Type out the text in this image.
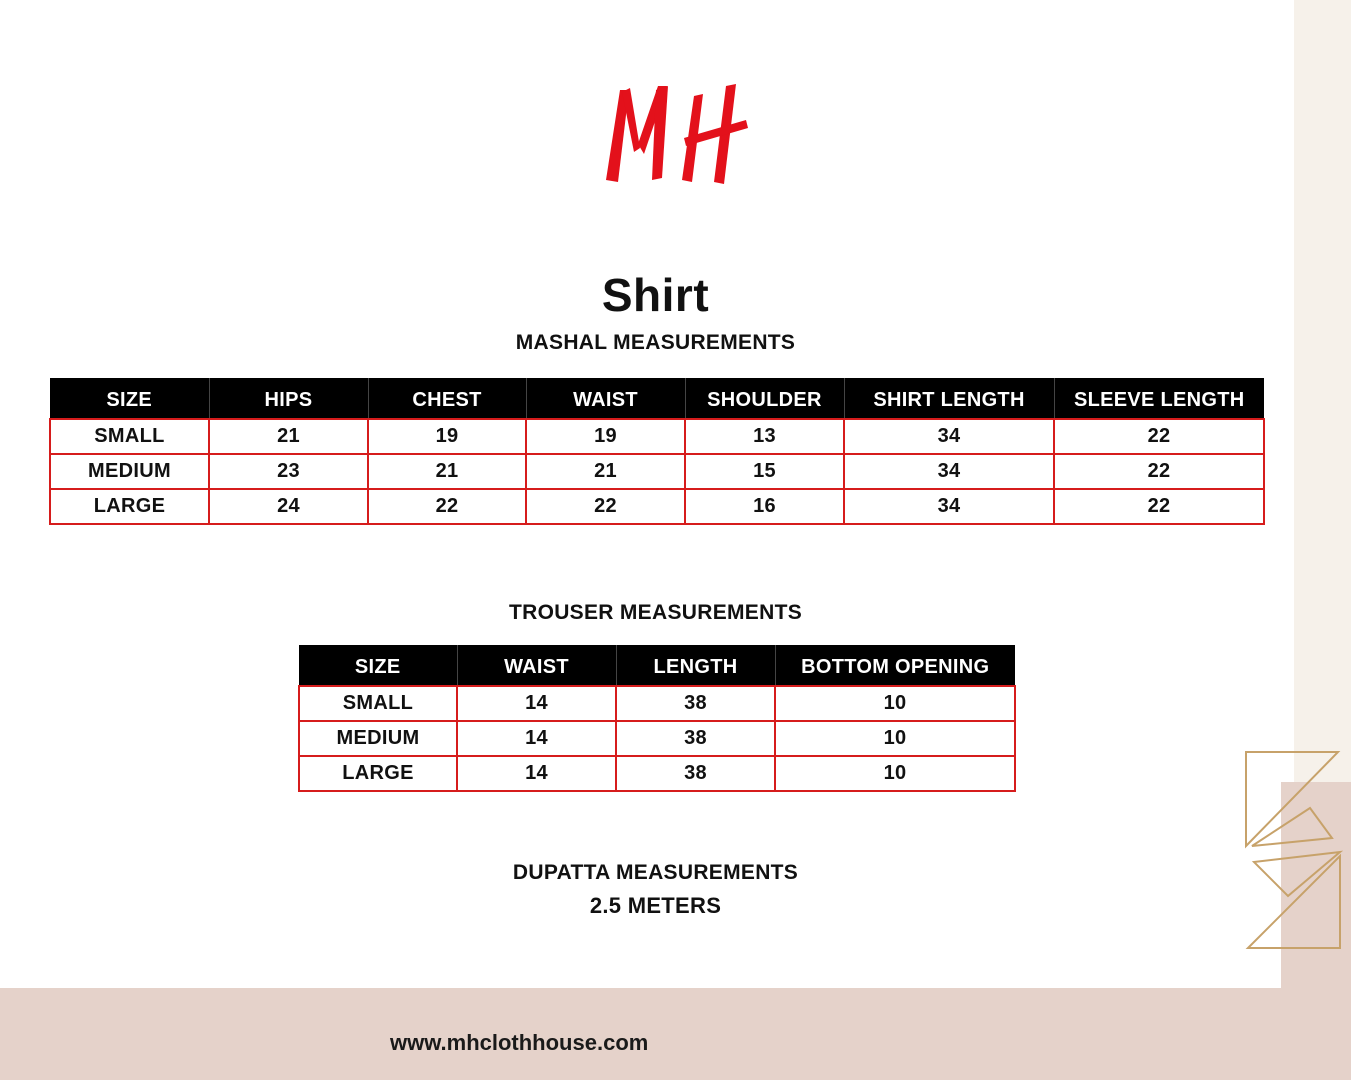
Shirt
MASHAL MEASUREMENTS
SIZE	HIPS	CHEST	WAIST	SHOULDER	SHIRT LENGTH	SLEEVE LENGTH
SMALL	21	19	19	13	34	22
MEDIUM	23	21	21	15	34	22
LARGE	24	22	22	16	34	22
TROUSER MEASUREMENTS
SIZE	WAIST	LENGTH	BOTTOM OPENING
SMALL	14	38	10
MEDIUM	14	38	10
LARGE	14	38	10
DUPATTA MEASUREMENTS
2.5 METERS
www.mhclothhouse.com
